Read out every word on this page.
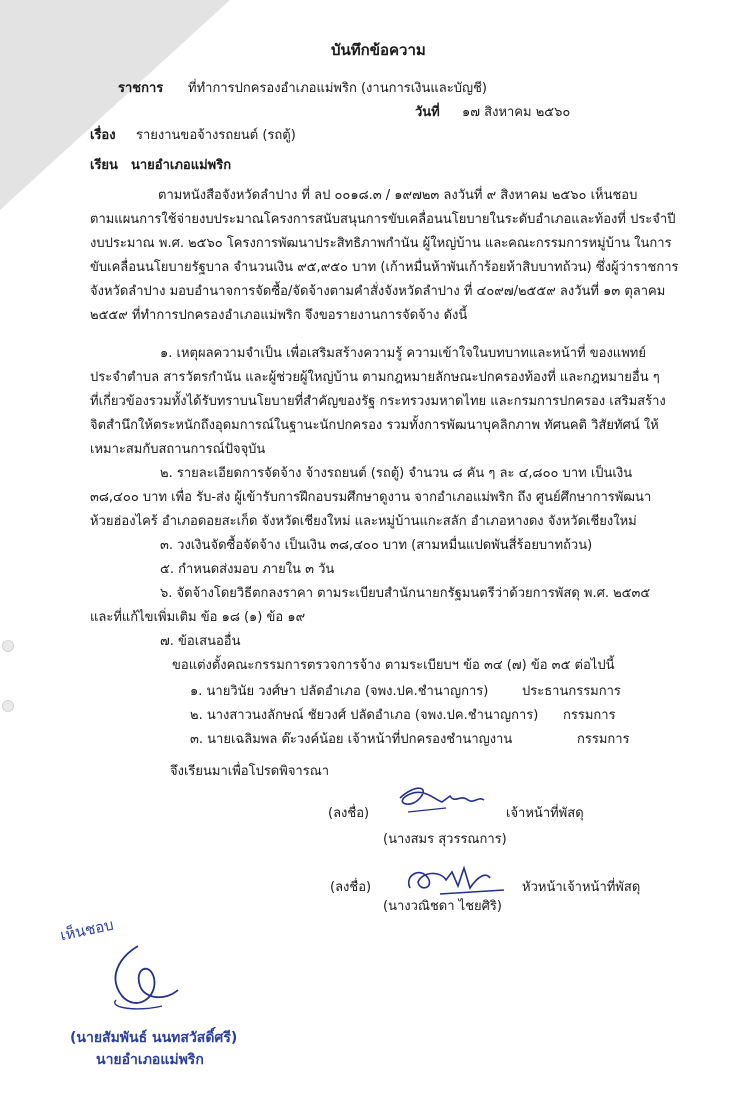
บันทึกข้อความ
ราชการ ที่ทำการปกครองอำเภอแม่พริก (งานการเงินและบัญชี)
วันที่ ๑๗ สิงหาคม ๒๕๖๐
เรื่อง รายงานขอจ้างรถยนต์ (รถตู้)
เรียน นายอำเภอแม่พริก
ตามหนังสือจังหวัดลำปาง ที่ ลป ๐๐๑๘.๓ / ๑๙๗๒๓ ลงวันที่ ๙ สิงหาคม ๒๕๖๐ เห็นชอบ
ตามแผนการใช้จ่ายงบประมาณโครงการสนับสนุนการขับเคลื่อนนโยบายในระดับอำเภอและท้องที่ ประจำปี
งบประมาณ พ.ศ. ๒๕๖๐ โครงการพัฒนาประสิทธิภาพกำนัน ผู้ใหญ่บ้าน และคณะกรรมการหมู่บ้าน ในการ
ขับเคลื่อนนโยบายรัฐบาล จำนวนเงิน ๙๕,๙๕๐ บาท (เก้าหมื่นห้าพันเก้าร้อยห้าสิบบาทถ้วน) ซึ่งผู้ว่าราชการ
จังหวัดลำปาง มอบอำนาจการจัดซื้อ/จัดจ้างตามคำสั่งจังหวัดลำปาง ที่ ๔๐๙๗/๒๕๕๙ ลงวันที่ ๑๓ ตุลาคม
๒๕๕๙ ที่ทำการปกครองอำเภอแม่พริก จึงขอรายงานการจัดจ้าง ดังนี้
๑. เหตุผลความจำเป็น เพื่อเสริมสร้างความรู้ ความเข้าใจในบทบาทและหน้าที่ ของแพทย์
ประจำตำบล สารวัตรกำนัน และผู้ช่วยผู้ใหญ่บ้าน ตามกฎหมายลักษณะปกครองท้องที่ และกฎหมายอื่น ๆ
ที่เกี่ยวข้องรวมทั้งได้รับทราบนโยบายที่สำคัญของรัฐ กระทรวงมหาดไทย และกรมการปกครอง เสริมสร้าง
จิตสำนึกให้ตระหนักถึงอุดมการณ์ในฐานะนักปกครอง รวมทั้งการพัฒนาบุคลิกภาพ ทัศนคติ วิสัยทัศน์ ให้
เหมาะสมกับสถานการณ์ปัจจุบัน
๒. รายละเอียดการจัดจ้าง จ้างรถยนต์ (รถตู้) จำนวน ๘ คัน ๆ ละ ๔,๘๐๐ บาท เป็นเงิน
๓๘,๔๐๐ บาท เพื่อ รับ-ส่ง ผู้เข้ารับการฝึกอบรมศึกษาดูงาน จากอำเภอแม่พริก ถึง ศูนย์ศึกษาการพัฒนา
ห้วยฮ่องไคร้ อำเภอดอยสะเก็ด จังหวัดเชียงใหม่ และหมู่บ้านแกะสลัก อำเภอหางดง จังหวัดเชียงใหม่
๓. วงเงินจัดซื้อจัดจ้าง เป็นเงิน ๓๘,๔๐๐ บาท (สามหมื่นแปดพันสี่ร้อยบาทถ้วน)
๕. กำหนดส่งมอบ ภายใน ๓ วัน
๖. จัดจ้างโดยวิธีตกลงราคา ตามระเบียบสำนักนายกรัฐมนตรีว่าด้วยการพัสดุ พ.ศ. ๒๕๓๕
และที่แก้ไขเพิ่มเติม ข้อ ๑๘ (๑) ข้อ ๑๙
๗. ข้อเสนออื่น
ขอแต่งตั้งคณะกรรมการตรวจการจ้าง ตามระเบียบฯ ข้อ ๓๔ (๗) ข้อ ๓๕ ต่อไปนี้
๑. นายวินัย วงศ์ษา ปลัดอำเภอ (จพง.ปค.ชำนาญการ)	ประธานกรรมการ
๒. นางสาวนงลักษณ์ ชัยวงศ์ ปลัดอำเภอ (จพง.ปค.ชำนาญการ) กรรมการ
๓. นายเฉลิมพล ต๊ะวงค์น้อย เจ้าหน้าที่ปกครองชำนาญงาน	กรรมการ
จึงเรียนมาเพื่อโปรดพิจารณา
(ลงชื่อ)	เจ้าหน้าที่พัสดุ
(นางสมร สุวรรณการ)
(ลงชื่อ)	หัวหน้าเจ้าหน้าที่พัสดุ
(นางวณิชดา ไชยศิริ)
เห็นชอบ
(นายสัมพันธ์ นนทสวัสดิ์ศรี)
นายอำเภอแม่พริก
